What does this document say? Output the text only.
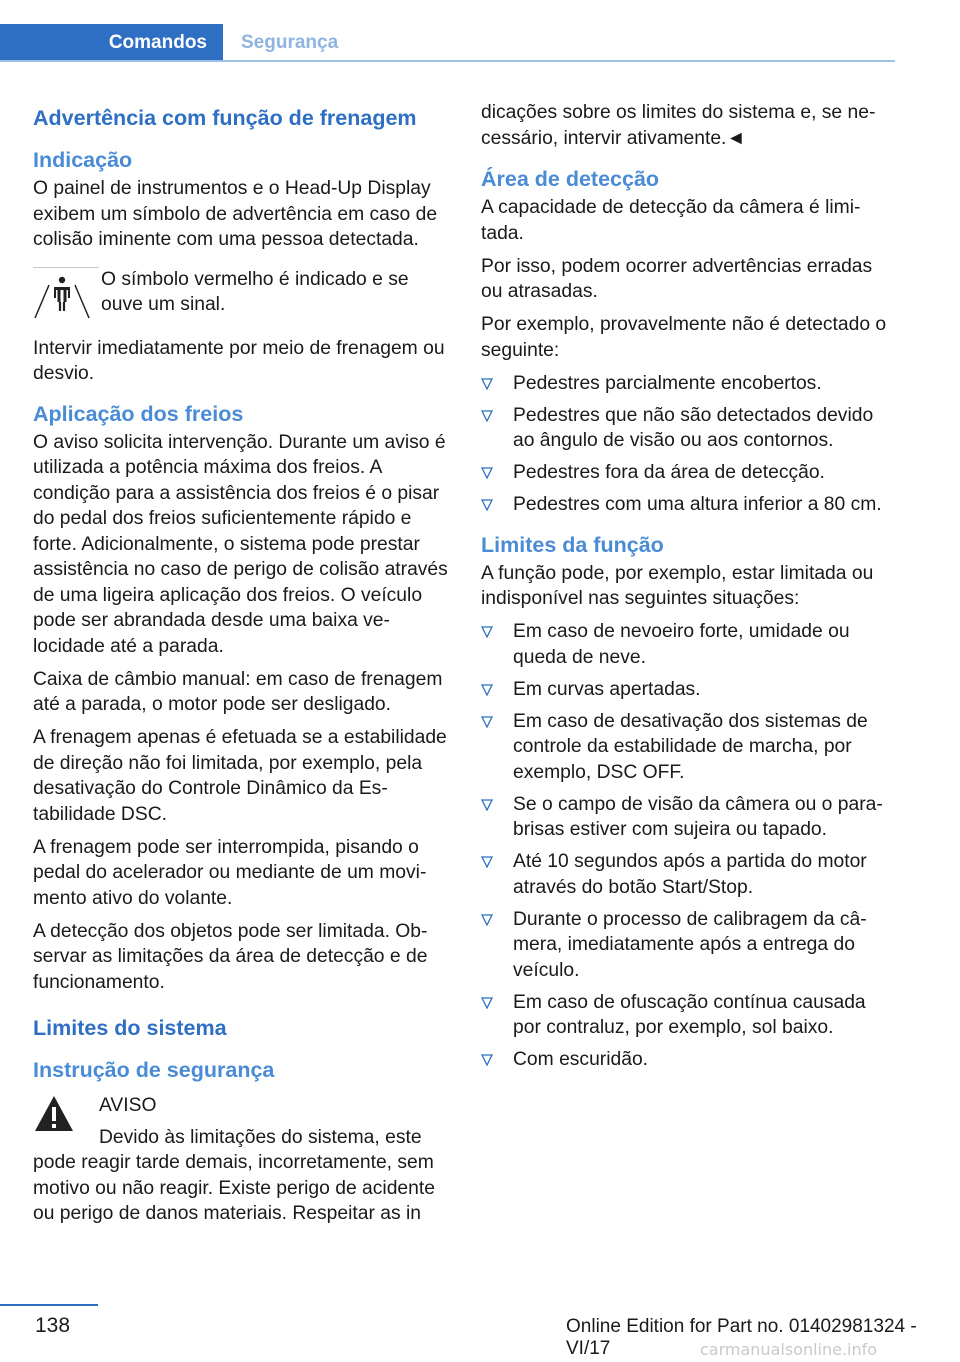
Comandos	Segurança
Advertência com função de frenagem
Indicação

O painel de instrumentos e o Head-Up Display exibem um símbolo de advertência em caso de colisão iminente com uma pessoa detectada.

O símbolo vermelho é indicado e se ouve um sinal.

Intervir imediatamente por meio de frenagem ou desvio.

Aplicação dos freios

O aviso solicita intervenção. Durante um aviso é utilizada a potência máxima dos freios. A condição para a assistência dos freios é o pisar do pedal dos freios suficientemente rápido e forte. Adicionalmente, o sistema pode prestar assistência no caso de perigo de colisão através de uma ligeira aplicação dos freios. O veículo pode ser abrandada desde uma baixa velocidade até a parada.

Caixa de câmbio manual: em caso de frenagem até a parada, o motor pode ser desligado.

A frenagem apenas é efetuada se a estabilidade de direção não foi limitada, por exemplo, pela desativação do Controle Dinâmico da Estabilidade DSC.

A frenagem pode ser interrompida, pisando o pedal do acelerador ou mediante de um movimento ativo do volante.

A detecção dos objetos pode ser limitada. Observar as limitações da área de detecção e de funcionamento.

Limites do sistema
Instrução de segurança
AVISO
Devido às limitações do sistema, este

pode reagir tarde demais, incorretamente, sem motivo ou não reagir. Existe perigo de acidente ou perigo de danos materiais. Respeitar as in

dicações sobre os limites do sistema e, se necessário, intervir ativamente.◄

Área de detecção

A capacidade de detecção da câmera é limitada.

Por isso, podem ocorrer advertências erradas ou atrasadas.

Por exemplo, provavelmente não é detectado o seguinte:

Pedestres parcialmente encobertos.
Pedestres que não são detectados devido ao ângulo de visão ou aos contornos.
Pedestres fora da área de detecção.
Pedestres com uma altura inferior a 80 cm.
Limites da função

A função pode, por exemplo, estar limitada ou indisponível nas seguintes situações:

Em caso de nevoeiro forte, umidade ou queda de neve.
Em curvas apertadas.
Em caso de desativação dos sistemas de controle da estabilidade de marcha, por exemplo, DSC OFF.
Se o campo de visão da câmera ou o para-brisas estiver com sujeira ou tapado.
Até 10 segundos após a partida do motor através do botão Start/Stop.
Durante o processo de calibragem da câmera, imediatamente após a entrega do veículo.
Em caso de ofuscação contínua causada por contraluz, por exemplo, sol baixo.
Com escuridão.
138	Online Edition for Part no. 01402981324 - VI/17	carmanualsonline.info
